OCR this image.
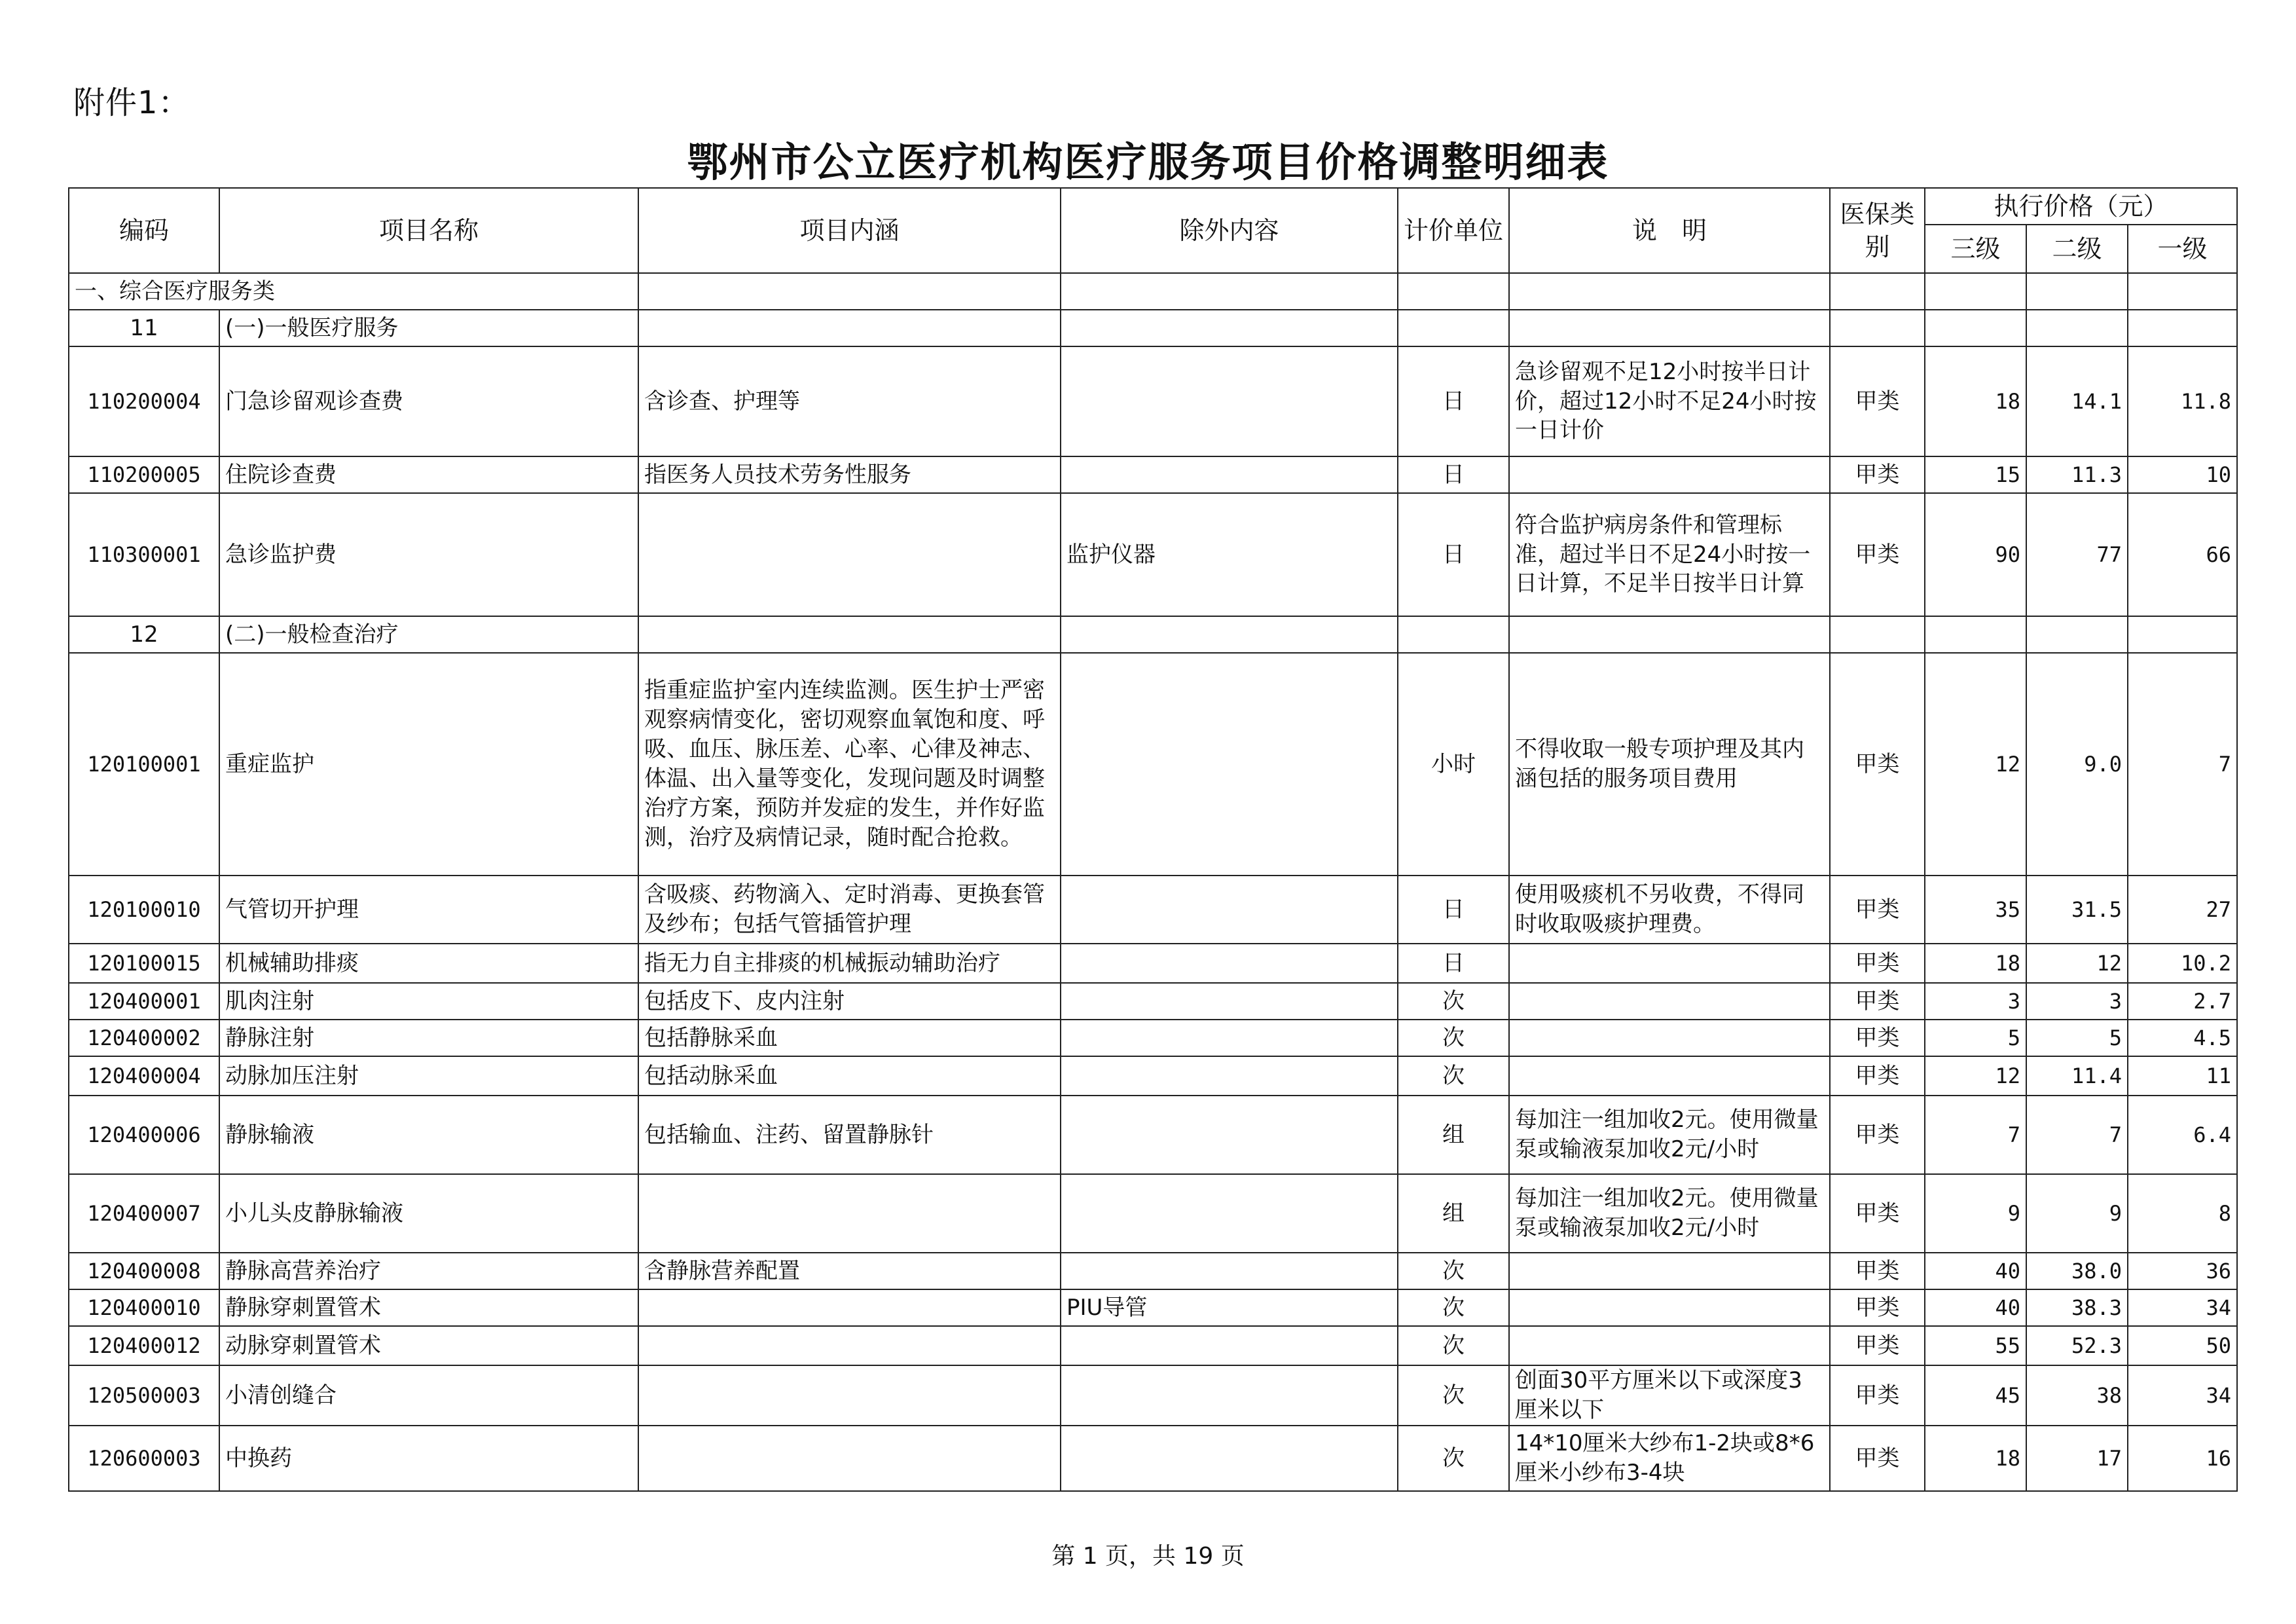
附件1：
鄂州市公立医疗机构医疗服务项目价格调整明细表
编码	项目名称	项目内涵	除外内容	计价单位	说　明	医保类别	执行价格（元）		
							三级	二级	一级
一、综合医疗服务类									
11	(一)一般医疗服务								
110200004	门急诊留观诊查费	含诊查、护理等		日	急诊留观不足12小时按半日计价，超过12小时不足24小时按一日计价	甲类	18	14.1	11.8
110200005	住院诊查费	指医务人员技术劳务性服务		日		甲类	15	11.3	10
110300001	急诊监护费		监护仪器	日	符合监护病房条件和管理标准，超过半日不足24小时按一日计算，不足半日按半日计算	甲类	90	77	66
12	(二)一般检查治疗								
120100001	重症监护	指重症监护室内连续监测。医生护士严密观察病情变化，密切观察血氧饱和度、呼吸、血压、脉压差、心率、心律及神志、体温、出入量等变化，发现问题及时调整治疗方案，预防并发症的发生，并作好监测，治疗及病情记录，随时配合抢救。		小时	不得收取一般专项护理及其内涵包括的服务项目费用	甲类	12	9.0	7
120100010	气管切开护理	含吸痰、药物滴入、定时消毒、更换套管及纱布；包括气管插管护理		日	使用吸痰机不另收费，不得同时收取吸痰护理费。	甲类	35	31.5	27
120100015	机械辅助排痰	指无力自主排痰的机械振动辅助治疗		日		甲类	18	12	10.2
120400001	肌肉注射	包括皮下、皮内注射		次		甲类	3	3	2.7
120400002	静脉注射	包括静脉采血		次		甲类	5	5	4.5
120400004	动脉加压注射	包括动脉采血		次		甲类	12	11.4	11
120400006	静脉输液	包括输血、注药、留置静脉针		组	每加注一组加收2元。使用微量泵或输液泵加收2元/小时	甲类	7	7	6.4
120400007	小儿头皮静脉输液			组	每加注一组加收2元。使用微量泵或输液泵加收2元/小时	甲类	9	9	8
120400008	静脉高营养治疗	含静脉营养配置		次		甲类	40	38.0	36
120400010	静脉穿刺置管术		PIU导管	次		甲类	40	38.3	34
120400012	动脉穿刺置管术			次		甲类	55	52.3	50
120500003	小清创缝合			次	创面30平方厘米以下或深度3厘米以下	甲类	45	38	34
120600003	中换药			次	14*10厘米大纱布1-2块或8*6厘米小纱布3-4块	甲类	18	17	16
第 1 页，共 19 页
